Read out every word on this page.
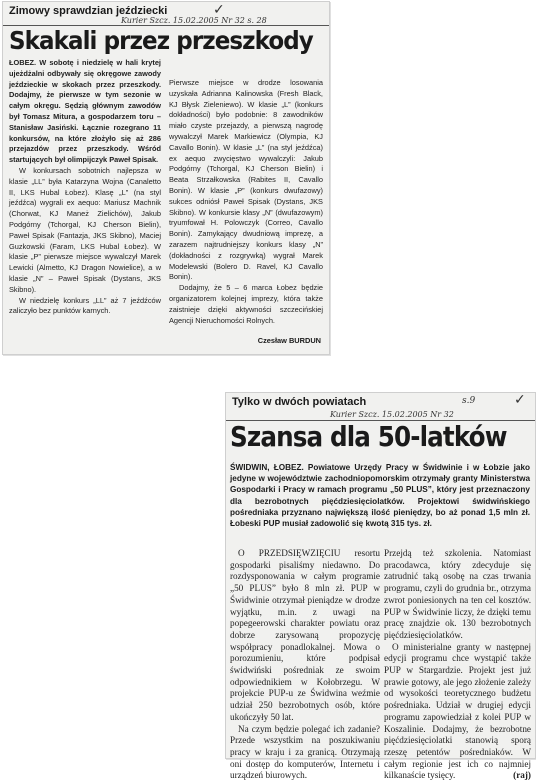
Zimowy sprawdzian jeździecki
Kurier Szcz. 15.02.2005 Nr 32 s. 28
✓
Skakali przez przeszkody
ŁOBEZ. W sobotę i niedzielę w hali krytej ujeżdżalni odbywały się okręgowe zawody jeździeckie w skokach przez przeszkody. Dodajmy, że pierwsze w tym sezonie w całym okręgu. Sędzią głównym zawodów był Tomasz Mitura, a gospodarzem toru – Stanisław Jasiński. Łącznie rozegrano 11 konkursów, na które złożyło się aż 286 przejazdów przez przeszkody. Wśród startujących był olimpijczyk Paweł Spisak.
W konkursach sobotnich najlepsza w klasie „LL” była Katarzyna Wojna (Canaletto II, LKS Hubal Łobez). Klasę „L” (na styl jeźdźca) wygrali ex aequo: Mariusz Machnik (Chorwat, KJ Maneż Zielichów), Jakub Podgórny (Tchorgal, KJ Cherson Bielin), Paweł Spisak (Fantazja, JKS Skibno), Maciej Guzkowski (Faram, LKS Hubal Łobez). W klasie „P” pierwsze miejsce wywalczył Marek Lewicki (Almetto, KJ Dragon Nowielice), a w klasie „N” – Paweł Spisak (Dystans, JKS Skibno).
W niedzielę konkurs „LL” aż 7 jeźdźców zaliczyło bez punktów karnych.
Pierwsze miejsce w drodze losowania uzyskała Adrianna Kalinowska (Fresh Black, KJ Błysk Zieleniewo). W klasie „L” (konkurs dokładności) było podobnie: 8 zawodników miało czyste przejazdy, a pierwszą nagrodę wywalczył Marek Markiewicz (Olympia, KJ Cavallo Bonin). W klasie „L” (na styl jeźdźca) ex aequo zwycięstwo wywalczyli: Jakub Podgórny (Tchorgal, KJ Cherson Bielin) i Beata Strzałkowska (Rabites II, Cavallo Bonin). W klasie „P” (konkurs dwufazowy) sukces odniósł Paweł Spisak (Dystans, JKS Skibno). W konkursie klasy „N” (dwufazowym) tryumfował H. Polowczyk (Correo, Cavallo Bonin). Zamykający dwudniową imprezę, a zarazem najtrudniejszy konkurs klasy „N” (dokładności z rozgrywką) wygrał Marek Modelewski (Bolero D. Ravel, KJ Cavallo Bonin).
Dodajmy, że 5 – 6 marca Łobez będzie organizatorem kolejnej imprezy, która także zaistnieje dzięki aktywności szczecińskiej Agencji Nieruchomości Rolnych.
Czesław BURDUN
Tylko w dwóch powiatach	s.9	✓
Kurier Szcz. 15.02.2005 Nr 32
Szansa dla 50-latków
ŚWIDWIN, ŁOBEZ. Powiatowe Urzędy Pracy w Świdwinie i w Łobzie jako jedyne w województwie zachodniopomorskim otrzymały granty Ministerstwa Gospodarki i Pracy w ramach programu „50 PLUS”, który jest przeznaczony dla bezrobotnych pięćdziesięciolatków. Projektowi świdwińskiego pośredniaka przyznano największą ilość pieniędzy, bo aż ponad 1,5 mln zł. Łobeski PUP musiał zadowolić się kwotą 315 tys. zł.
O PRZEDSIĘWZIĘCIU resortu gospodarki pisaliśmy niedawno. Do rozdysponowania w całym programie „50 PLUS” było 8 mln zł. PUP w Świdwinie otrzymał pieniądze w drodze wyjątku, m.in. z uwagi na popegeerowski charakter powiatu oraz dobrze zarysowaną propozycję współpracy ponadlokalnej. Mowa o porozumieniu, które podpisał świdwiński pośredniak ze swoim odpowiednikiem w Kołobrzegu. W projekcie PUP-u ze Świdwina weźmie udział 250 bezrobotnych osób, które ukończyły 50 lat.
Na czym będzie polegać ich zadanie? Przede wszystkim na poszukiwaniu pracy w kraju i za granicą. Otrzymają oni dostęp do komputerów, Internetu i urządzeń biurowych.
Przejdą też szkolenia. Natomiast pracodawca, który zdecyduje się zatrudnić taką osobę na czas trwania programu, czyli do grudnia br., otrzyma zwrot poniesionych na ten cel kosztów. PUP w Świdwinie liczy, że dzięki temu pracę znajdzie ok. 130 bezrobotnych pięćdziesięciolatków.
O ministerialne granty w następnej edycji programu chce wystąpić także PUP w Stargardzie. Projekt jest już prawie gotowy, ale jego złożenie zależy od wysokości teoretycznego budżetu pośredniaka. Udział w drugiej edycji programu zapowiedział z kolei PUP w Koszalinie. Dodajmy, że bezrobotne pięćdziesięciolatki stanowią sporą rzeszę petentów pośredniaków. W całym regionie jest ich co najmniej kilkanaście tysięcy.	(raj)
